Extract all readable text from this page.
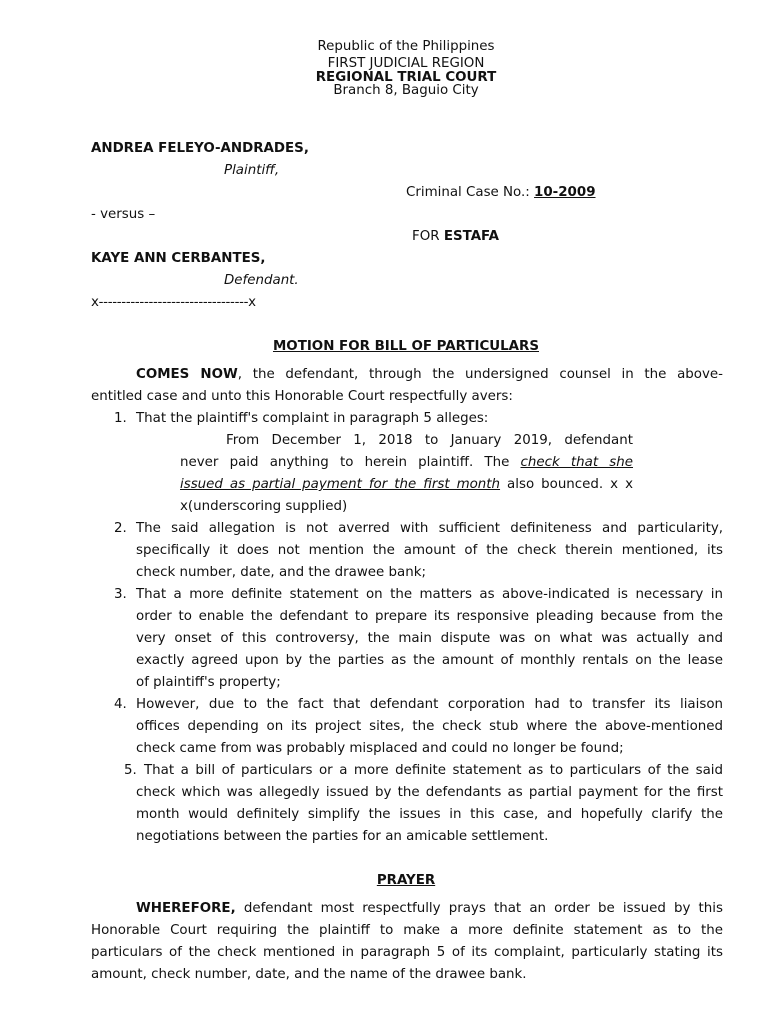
Republic of the Philippines
FIRST JUDICIAL REGION
REGIONAL TRIAL COURT
Branch 8, Baguio City
ANDREA FELEYO-ANDRADES,
Plaintiff,
Criminal Case No.: 10-2009
- versus –
FOR ESTAFA
KAYE ANN CERBANTES,
Defendant.
x---------------------------------x
MOTION FOR BILL OF PARTICULARS
COMES NOW, the defendant, through the undersigned counsel in the above-
entitled case and unto this Honorable Court respectfully avers:
1. That the plaintiff's complaint in paragraph 5 alleges:
From December 1, 2018 to January 2019, defendant
never paid anything to herein plaintiff. The check that she
issued as partial payment for the first month also bounced. x x
x(underscoring supplied)
2. The said allegation is not averred with sufficient definiteness and particularity,
specifically it does not mention the amount of the check therein mentioned, its
check number, date, and the drawee bank;
3. That a more definite statement on the matters as above-indicated is necessary in
order to enable the defendant to prepare its responsive pleading because from the
very onset of this controversy, the main dispute was on what was actually and
exactly agreed upon by the parties as the amount of monthly rentals on the lease
of plaintiff's property;
4. However, due to the fact that defendant corporation had to transfer its liaison
offices depending on its project sites, the check stub where the above-mentioned
check came from was probably misplaced and could no longer be found;
5. That a bill of particulars or a more definite statement as to particulars of the said
check which was allegedly issued by the defendants as partial payment for the first
month would definitely simplify the issues in this case, and hopefully clarify the
negotiations between the parties for an amicable settlement.
PRAYER
WHEREFORE, defendant most respectfully prays that an order be issued by this
Honorable Court requiring the plaintiff to make a more definite statement as to the
particulars of the check mentioned in paragraph 5 of its complaint, particularly stating its
amount, check number, date, and the name of the drawee bank.
